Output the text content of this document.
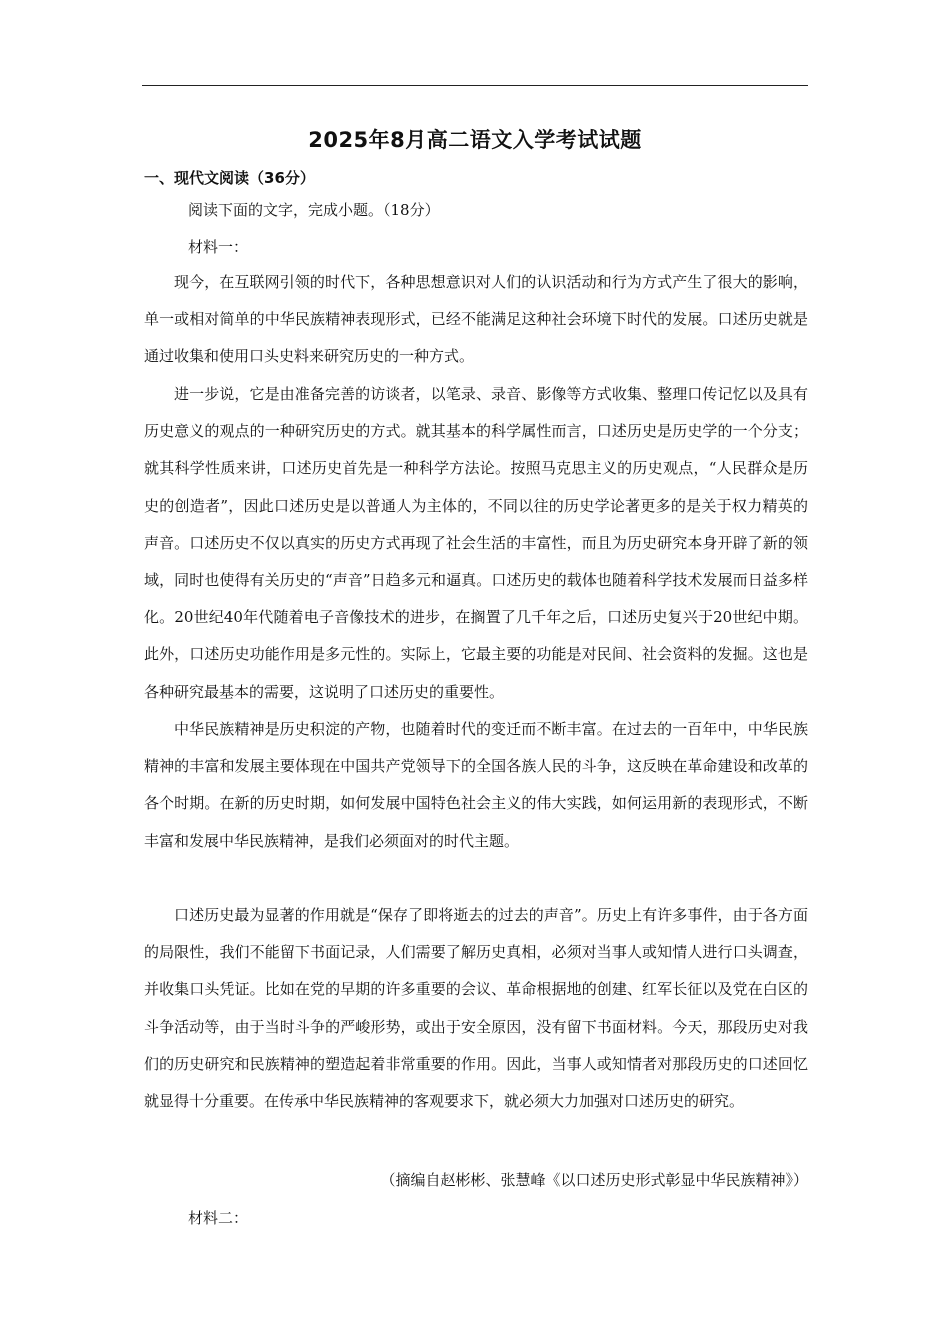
2025年8月高二语文入学考试试题
一、现代文阅读（36分）
阅读下面的文字，完成小题。（18分）
材料一：

现今，在互联网引领的时代下，各种思想意识对人们的认识活动和行为方式产生了很大的影响，单一或相对简单的中华民族精神表现形式，已经不能满足这种社会环境下时代的发展。口述历史就是通过收集和使用口头史料来研究历史的一种方式。

进一步说，它是由准备完善的访谈者，以笔录、录音、影像等方式收集、整理口传记忆以及具有历史意义的观点的一种研究历史的方式。就其基本的科学属性而言，口述历史是历史学的一个分支；就其科学性质来讲，口述历史首先是一种科学方法论。按照马克思主义的历史观点，“人民群众是历史的创造者”，因此口述历史是以普通人为主体的，不同以往的历史学论著更多的是关于权力精英的声音。口述历史不仅以真实的历史方式再现了社会生活的丰富性，而且为历史研究本身开辟了新的领域，同时也使得有关历史的“声音”日趋多元和逼真。口述历史的载体也随着科学技术发展而日益多样化。20世纪40年代随着电子音像技术的进步，在搁置了几千年之后，口述历史复兴于20世纪中期。此外，口述历史功能作用是多元性的。实际上，它最主要的功能是对民间、社会资料的发掘。这也是各种研究最基本的需要，这说明了口述历史的重要性。

中华民族精神是历史积淀的产物，也随着时代的变迁而不断丰富。在过去的一百年中，中华民族精神的丰富和发展主要体现在中国共产党领导下的全国各族人民的斗争，这反映在革命建设和改革的各个时期。在新的历史时期，如何发展中国特色社会主义的伟大实践，如何运用新的表现形式，不断丰富和发展中华民族精神，是我们必须面对的时代主题。

口述历史最为显著的作用就是“保存了即将逝去的过去的声音”。历史上有许多事件，由于各方面的局限性，我们不能留下书面记录，人们需要了解历史真相，必须对当事人或知情人进行口头调查，并收集口头凭证。比如在党的早期的许多重要的会议、革命根据地的创建、红军长征以及党在白区的斗争活动等，由于当时斗争的严峻形势，或出于安全原因，没有留下书面材料。今天，那段历史对我们的历史研究和民族精神的塑造起着非常重要的作用。因此，当事人或知情者对那段历史的口述回忆就显得十分重要。在传承中华民族精神的客观要求下，就必须大力加强对口述历史的研究。

（摘编自赵彬彬、张慧峰《以口述历史形式彰显中华民族精神》）
材料二：
